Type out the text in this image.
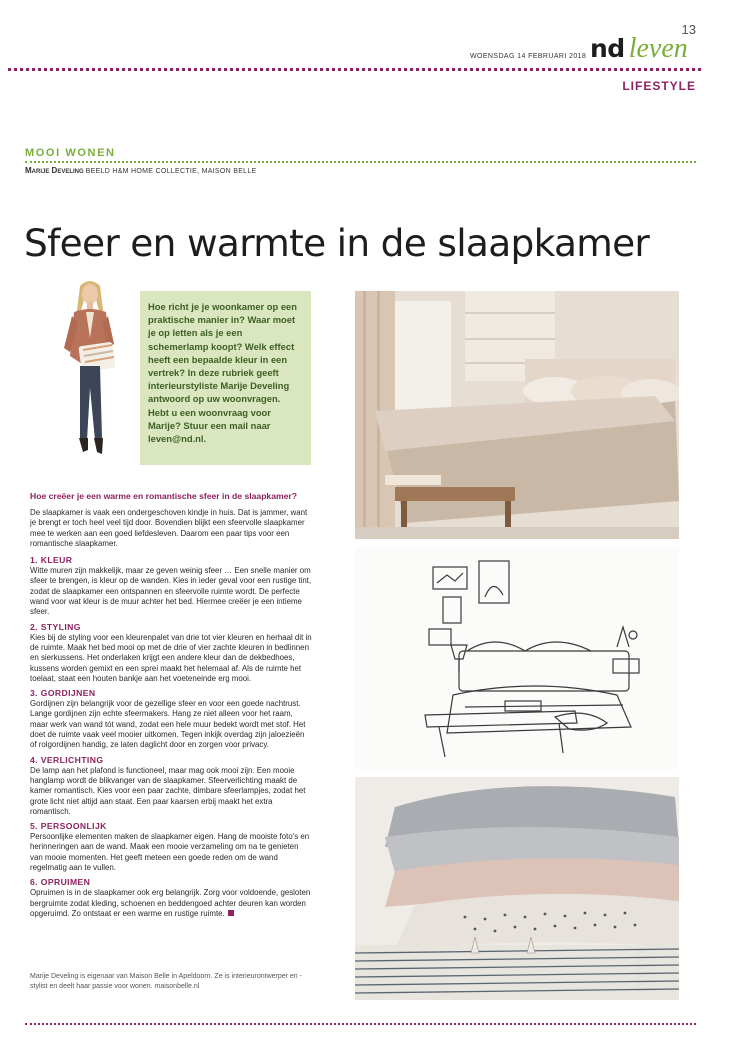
13
nd leven
WOENSDAG 14 FEBRUARI 2018
LIFESTYLE
MOOI WONEN
Marije Develing BEELD H&M HOME COLLECTIE, MAISON BELLE
Sfeer en warmte in de slaapkamer

Hoe richt je je woonkamer op een praktische manier in? Waar moet je op letten als je een schemerlamp koopt? Welk effect heeft een bepaalde kleur in een vertrek? In deze rubriek geeft interieurstyliste Marije Develing antwoord op uw woonvragen. Hebt u een woonvraag voor Marije? Stuur een mail naar leven@nd.nl.

Hoe creëer je een warme en romantische sfeer in de slaapkamer?

De slaapkamer is vaak een ondergeschoven kindje in huis. Dat is jammer, want je brengt er toch heel veel tijd door. Bovendien blijkt een sfeervolle slaapkamer mee te werken aan een goed liefdesleven. Daarom een paar tips voor een romantische slaapkamer.

1. KLEUR

Witte muren zijn makkelijk, maar ze geven weinig sfeer … Een snelle manier om sfeer te brengen, is kleur op de wanden. Kies in ieder geval voor een rustige tint, zodat de slaapkamer een ontspannen en sfeervolle ruimte wordt. De perfecte wand voor wat kleur is de muur achter het bed. Hiermee creëer je een intieme sfeer.

2. STYLING

Kies bij de styling voor een kleurenpalet van drie tot vier kleuren en herhaal dit in de ruimte. Maak het bed mooi op met de drie of vier zachte kleuren in bedlinnen en sierkussens. Het onderlaken krijgt een andere kleur dan de dekbedhoes, kussens worden gemixt en een sprei maakt het helemaal af. Als de ruimte het toelaat, staat een houten bankje aan het voeteneinde erg mooi.

3. GORDIJNEN

Gordijnen zijn belangrijk voor de gezellige sfeer en voor een goede nachtrust. Lange gordijnen zijn echte sfeermakers. Hang ze niet alleen voor het raam, maar werk van wand tót wand, zodat een hele muur bedekt wordt met stof. Het doet de ruimte vaak veel mooier uitkomen. Tegen inkijk overdag zijn jaloezieën of rolgordijnen handig, ze laten daglicht door en zorgen voor privacy.

4. VERLICHTING

De lamp aan het plafond is functioneel, maar mag ook mooi zijn. Een mooie hanglamp wordt de blikvanger van de slaapkamer. Sfeerverlichting maakt de kamer romantisch. Kies voor een paar zachte, dimbare sfeerlampjes, zodat het grote licht niet altijd aan staat. Een paar kaarsen erbij maakt het extra romantisch.

5. PERSOONLIJK

Persoonlijke elementen maken de slaapkamer eigen. Hang de mooiste foto's en herinneringen aan de wand. Maak een mooie verzameling om na te genieten van mooie momenten. Het geeft meteen een goede reden om de wand regelmatig aan te vullen.

6. OPRUIMEN

Opruimen is in de slaapkamer ook erg belangrijk. Zorg voor voldoende, gesloten bergruimte zodat kleding, schoenen en beddengoed achter deuren kan worden opgeruimd. Zo ontstaat er een warme en rustige ruimte.

Marije Develing is eigenaar van Maison Belle in Apeldoorn. Ze is interieurontwerper en -stylist en deelt haar passie voor wonen. maisonbelle.nl
